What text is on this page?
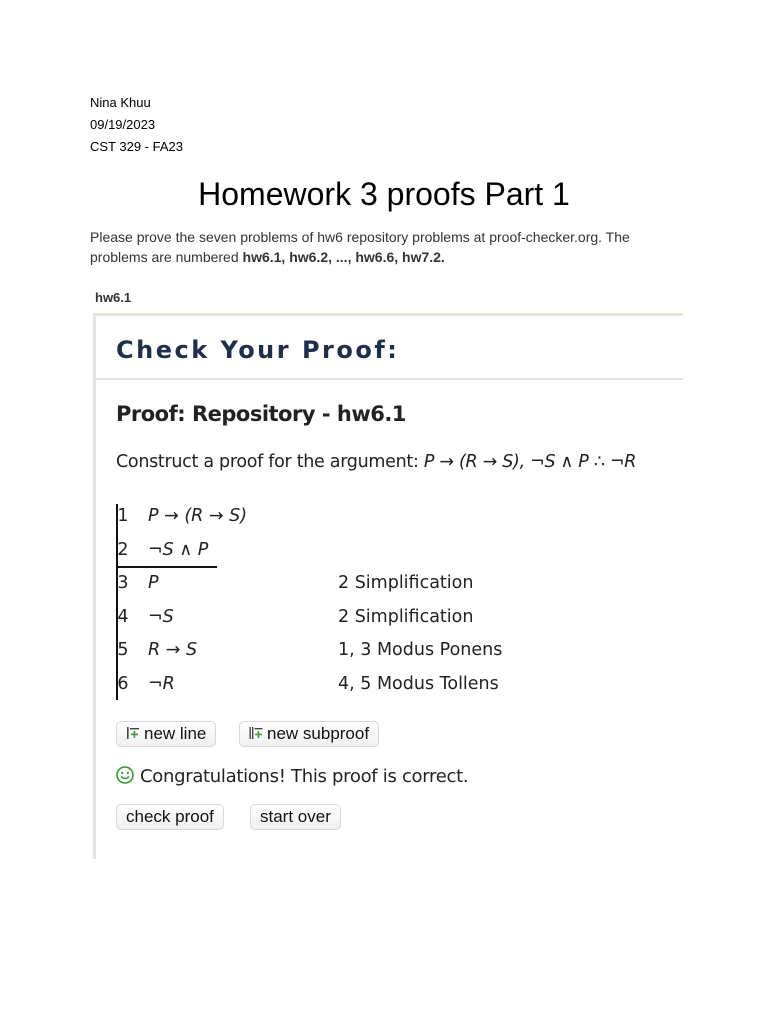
Nina Khuu
09/19/2023
CST 329 - FA23
Homework 3 proofs Part 1
Please prove the seven problems of hw6 repository problems at proof-checker.org. The problems are numbered hw6.1, hw6.2, ..., hw6.6, hw7.2.
hw6.1
Check Your Proof:
Proof: Repository - hw6.1
Construct a proof for the argument: P → (R → S), ¬S ∧ P ∴ ¬R
1 P → (R → S)
2 ¬S ∧ P
3 P	2 Simplification
4 ¬S	2 Simplification
5 R → S	1, 3 Modus Ponens
6 ¬R	4, 5 Modus Tollens
new line	new subproof
Congratulations! This proof is correct.
check proof	start over
